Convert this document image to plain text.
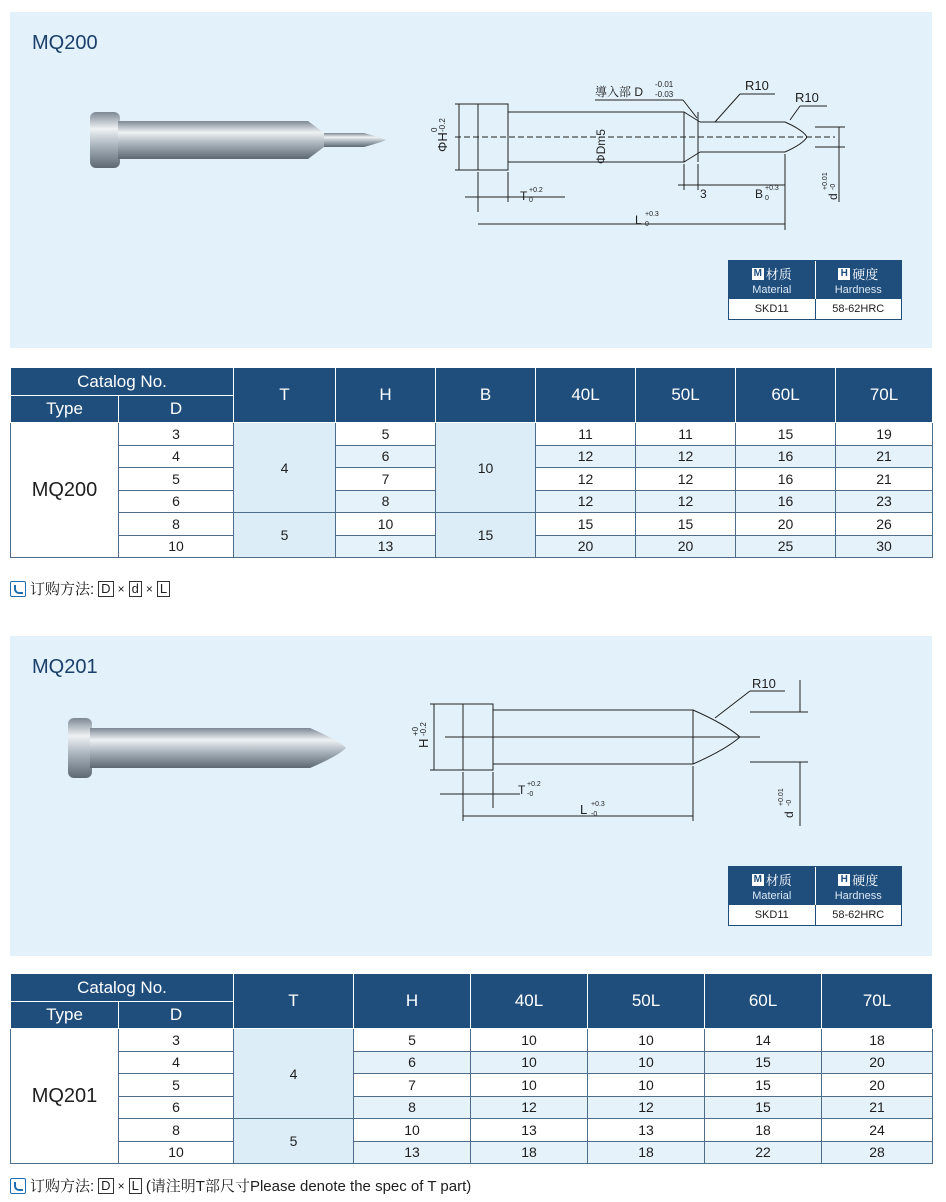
MQ200
導入部 D
-0.01
-0.03
R10
R10
ΦH
0 -0.2
ΦDm5
T +0.2
0	3	B +0.3
0
L +0.3
0
d
+0.01 -0
M 材质
Material
H 硬度
Hardness
SKD11	58-62HRC
Catalog No.		T	H	B	40L	50L	60L	70L
Type	D							
MQ200	3	4	5	10	11	11	15	19
	4		6		12	12	16	21
	5		7		12	12	16	21
	6		8		12	12	16	23
	8	5	10	15	15	15	20	26
	10		13		20	20	25	30
订购方法: D × d × L
MQ201
R10
H
+0 -0.2
T +0.2
-0
L +0.3
-0	d
+0.01 -0
M 材质
Material
H 硬度
Hardness
SKD11	58-62HRC
Catalog No.		T	H	40L	50L	60L	70L
Type	D						
MQ201	3	4	5	10	10	14	18
	4		6	10	10	15	20
	5		7	10	10	15	20
	6		8	12	12	15	21
	8	5	10	13	13	18	24
	10		13	18	18	22	28
订购方法: D × L (请注明T部尺寸Please denote the spec of T part)
